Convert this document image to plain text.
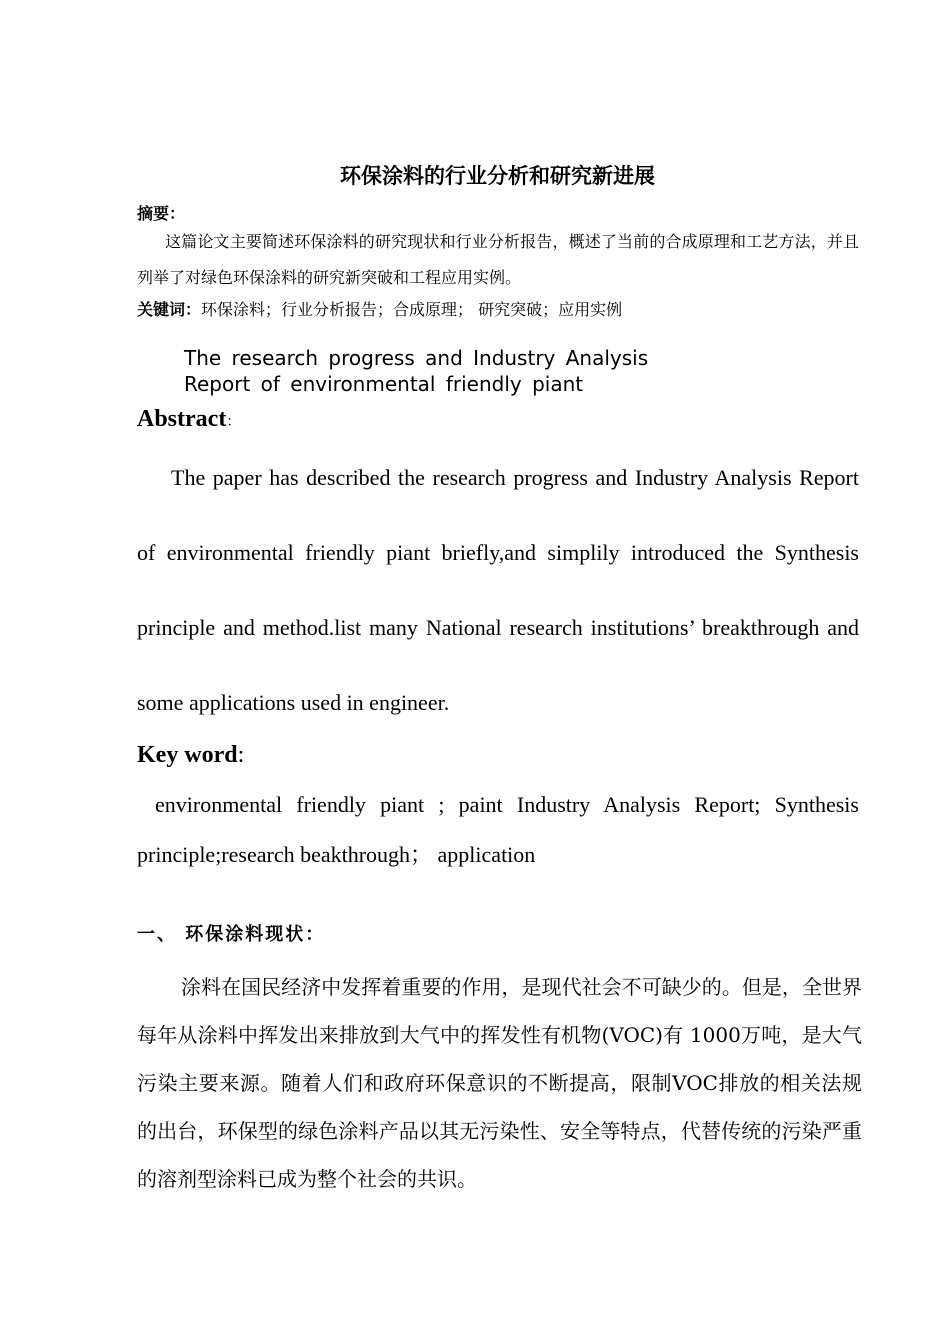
环保涂料的行业分析和研究新进展
摘要：
这篇论文主要简述环保涂料的研究现状和行业分析报告，概述了当前的合成原理和工艺方法，并且列举了对绿色环保涂料的研究新突破和工程应用实例。
关键词：环保涂料；行业分析报告；合成原理； 研究突破；应用实例
The research progress and Industry Analysis
Report of environmental friendly piant
Abstract：
The paper has described the research progress and Industry Analysis Report of environmental friendly piant briefly,and simplily introduced the Synthesis principle and method.list many National research institutions’ breakthrough and some applications used in engineer.
Key word:
environmental friendly piant ; paint Industry Analysis Report; Synthesis principle;research beakthrough； application
一、 环保涂料现状：
涂料在国民经济中发挥着重要的作用，是现代社会不可缺少的。但是，全世界每年从涂料中挥发出来排放到大气中的挥发性有机物(VOC)有 1000万吨，是大气污染主要来源。随着人们和政府环保意识的不断提高，限制VOC排放的相关法规的出台，环保型的绿色涂料产品以其无污染性、安全等特点，代替传统的污染严重的溶剂型涂料已成为整个社会的共识。
